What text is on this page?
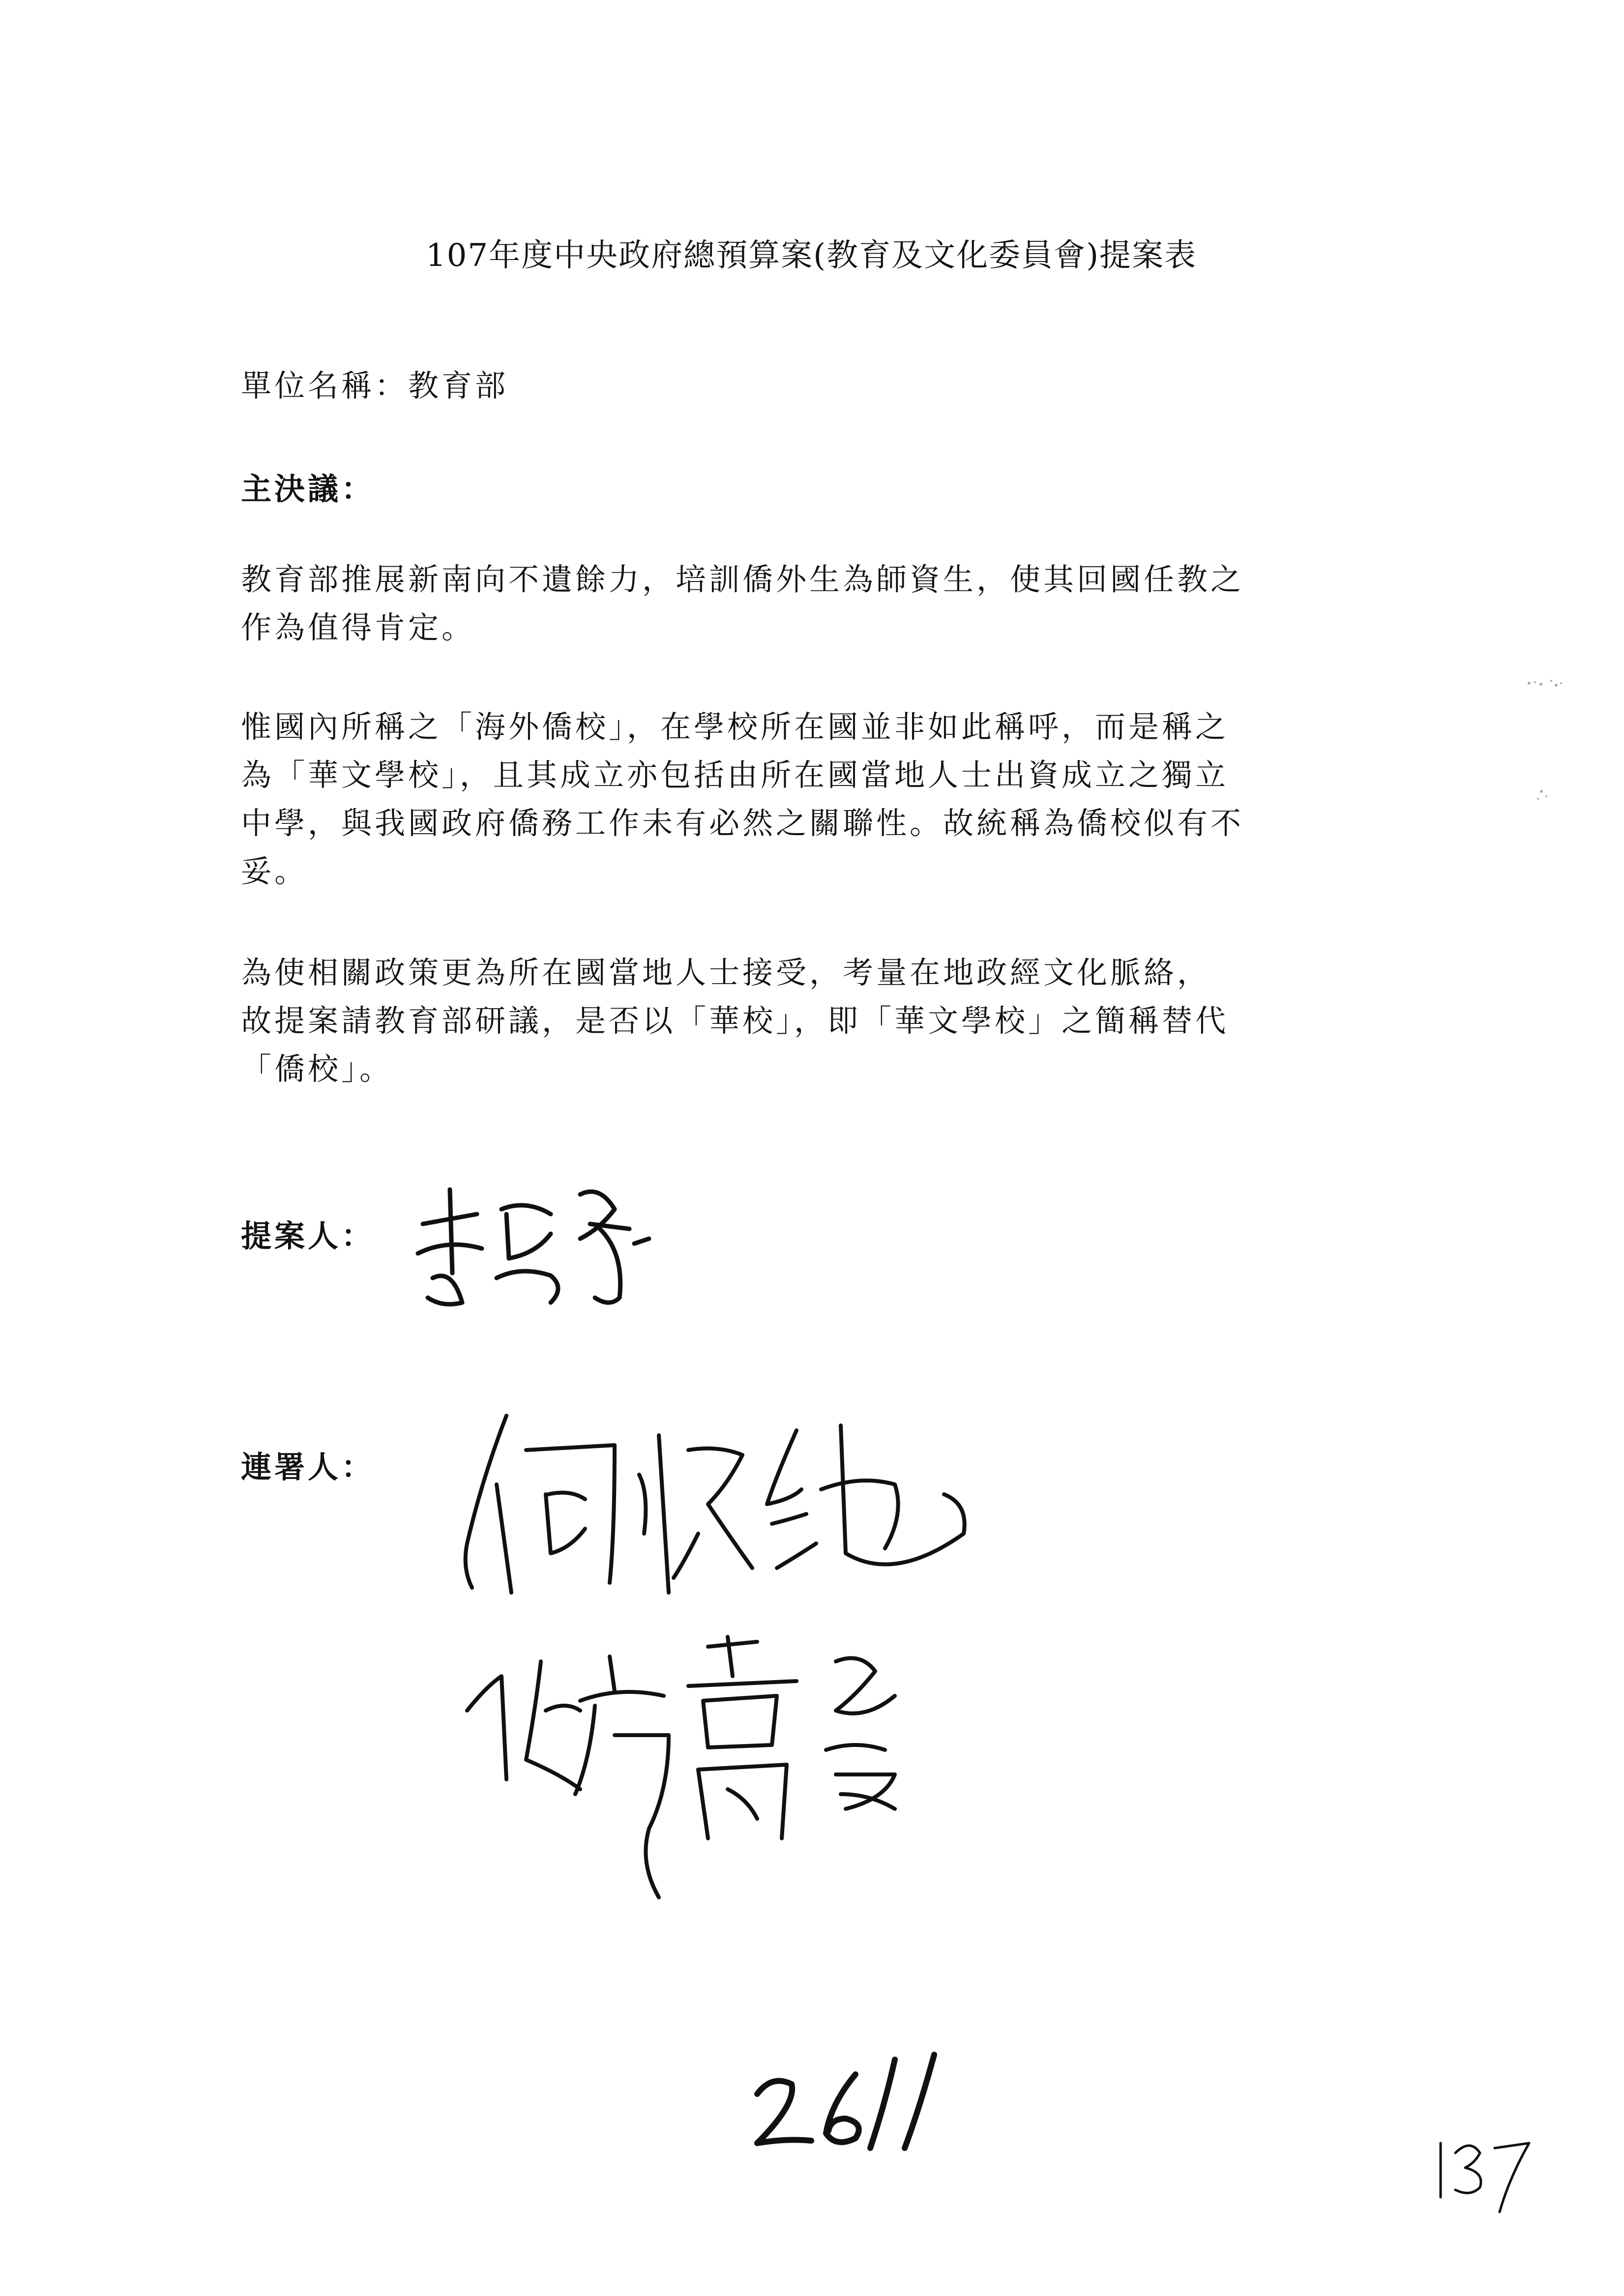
107年度中央政府總預算案(教育及文化委員會)提案表
單位名稱：教育部
主決議：
教育部推展新南向不遺餘力，培訓僑外生為師資生，使其回國任教之
作為值得肯定。
惟國內所稱之「海外僑校」，在學校所在國並非如此稱呼，而是稱之
為「華文學校」，且其成立亦包括由所在國當地人士出資成立之獨立
中學，與我國政府僑務工作未有必然之關聯性。故統稱為僑校似有不
妥。
為使相關政策更為所在國當地人士接受，考量在地政經文化脈絡，
故提案請教育部研議，是否以「華校」，即「華文學校」之簡稱替代
「僑校」。
提案人：
連署人：
